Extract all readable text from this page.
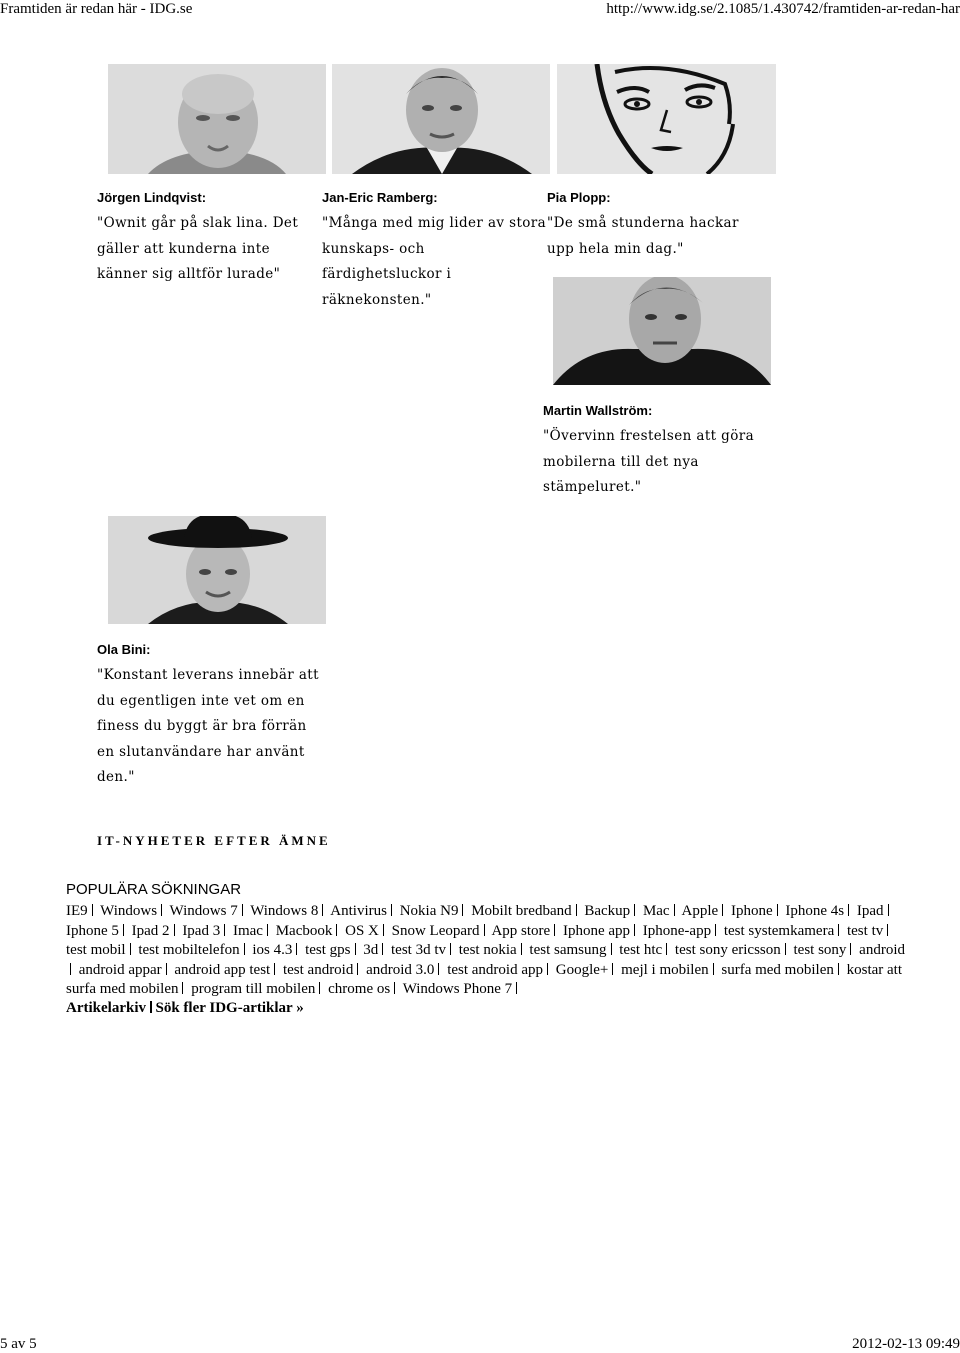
Framtiden är redan här - IDG.se	http://www.idg.se/2.1085/1.430742/framtiden-ar-redan-har
Jörgen Lindqvist:
"Ownit går på slak lina. Det
gäller att kunderna inte
känner sig alltför lurade"
Jan-Eric Ramberg:
"Många med mig lider av stora
kunskaps- och
färdighetsluckor i
räknekonsten."
Pia Plopp:
"De små stunderna hackar
upp hela min dag."
Martin Wallström:
"Övervinn frestelsen att göra
mobilerna till det nya
stämpeluret."
Ola Bini:
"Konstant leverans innebär att
du egentligen inte vet om en
finess du byggt är bra förrän
en slutanvändare har använt
den."
IT-NYHETER EFTER ÄMNE
POPULÄRA SÖKNINGAR
IE9 Windows Windows 7 Windows 8 Antivirus Nokia N9 Mobilt bredband Backup Mac Apple Iphone Iphone 4s Ipad Iphone 5 Ipad 2 Ipad 3 Imac Macbook OS X Snow Leopard App store Iphone app Iphone-app test systemkamera test tv test mobil test mobiltelefon ios 4.3 test gps 3d test 3d tv test nokia test samsung test htc test sony ericsson test sony android android appar android app test test android android 3.0 test android app Google+ mejl i mobilen surfa med mobilen kostar att surfa med mobilen program till mobilen chrome os Windows Phone 7
Artikelarkiv Sök fler IDG-artiklar »
5 av 5	2012-02-13 09:49
